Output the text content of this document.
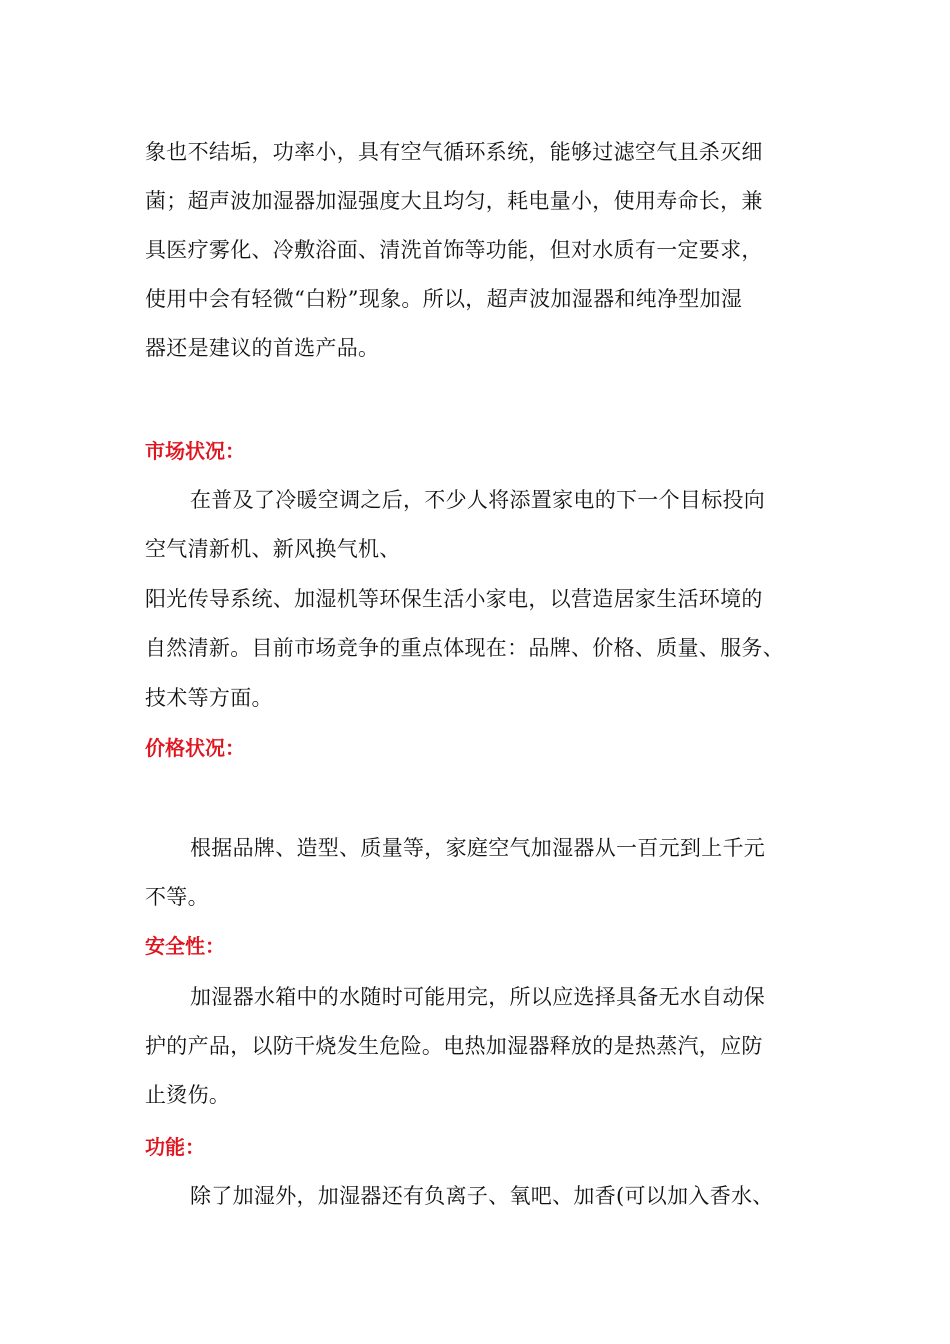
象也不结垢，功率小，具有空气循环系统，能够过滤空气且杀灭细
菌；超声波加湿器加湿强度大且均匀，耗电量小，使用寿命长，兼
具医疗雾化、冷敷浴面、清洗首饰等功能，但对水质有一定要求，
使用中会有轻微“白粉”现象。所以，超声波加湿器和纯净型加湿
器还是建议的首选产品。
市场状况：
在普及了冷暖空调之后，不少人将添置家电的下一个目标投向
空气清新机、新风换气机、
阳光传导系统、加湿机等环保生活小家电，以营造居家生活环境的
自然清新。目前市场竞争的重点体现在：品牌、价格、质量、服务、
技术等方面。
价格状况：
根据品牌、造型、质量等，家庭空气加湿器从一百元到上千元
不等。
安全性：
加湿器水箱中的水随时可能用完，所以应选择具备无水自动保
护的产品，以防干烧发生危险。电热加湿器释放的是热蒸汽，应防
止烫伤。
功能：
除了加湿外，加湿器还有负离子、氧吧、加香(可以加入香水、
